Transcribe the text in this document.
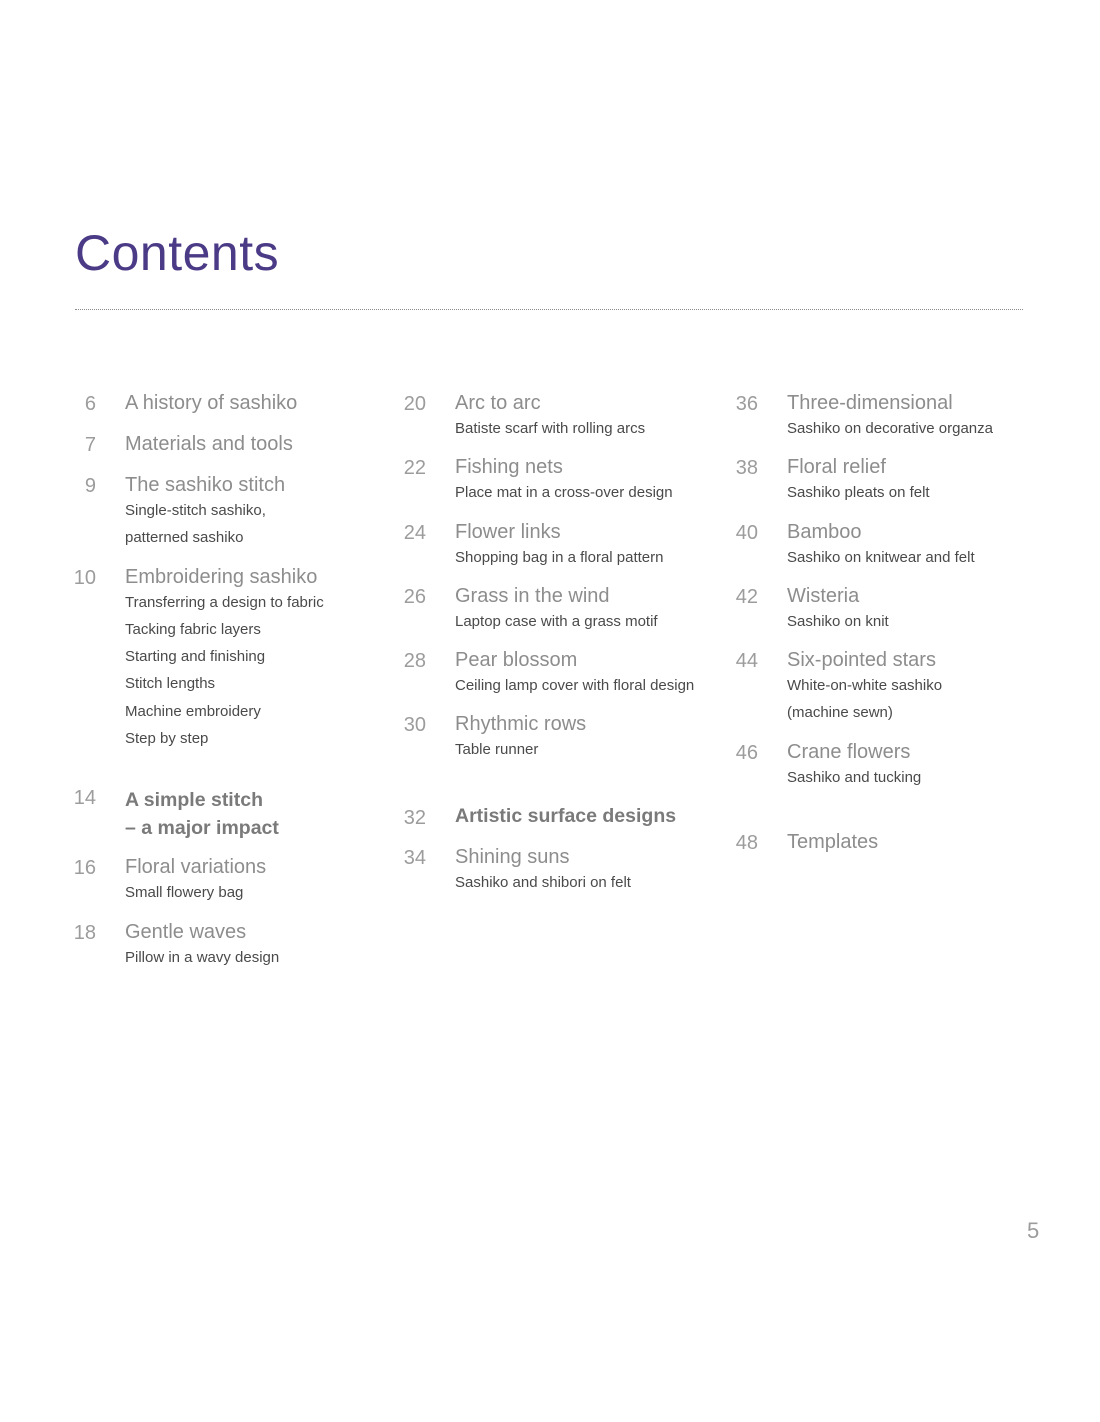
Contents
6 A history of sashiko
7 Materials and tools
9 The sashiko stitch
Single-stitch sashiko,
patterned sashiko
10 Embroidering sashiko
Transferring a design to fabric
Tacking fabric layers
Starting and finishing
Stitch lengths
Machine embroidery
Step by step
14 A simple stitch
– a major impact
16 Floral variations
Small flowery bag
18 Gentle waves
Pillow in a wavy design
20 Arc to arc
Batiste scarf with rolling arcs
22 Fishing nets
Place mat in a cross-over design
24 Flower links
Shopping bag in a floral pattern
26 Grass in the wind
Laptop case with a grass motif
28 Pear blossom
Ceiling lamp cover with floral design
30 Rhythmic rows
Table runner
32 Artistic surface designs
34 Shining suns
Sashiko and shibori on felt
36 Three-dimensional
Sashiko on decorative organza
38 Floral relief
Sashiko pleats on felt
40 Bamboo
Sashiko on knitwear and felt
42 Wisteria
Sashiko on knit
44 Six-pointed stars
White-on-white sashiko
(machine sewn)
46 Crane flowers
Sashiko and tucking
48 Templates
5
